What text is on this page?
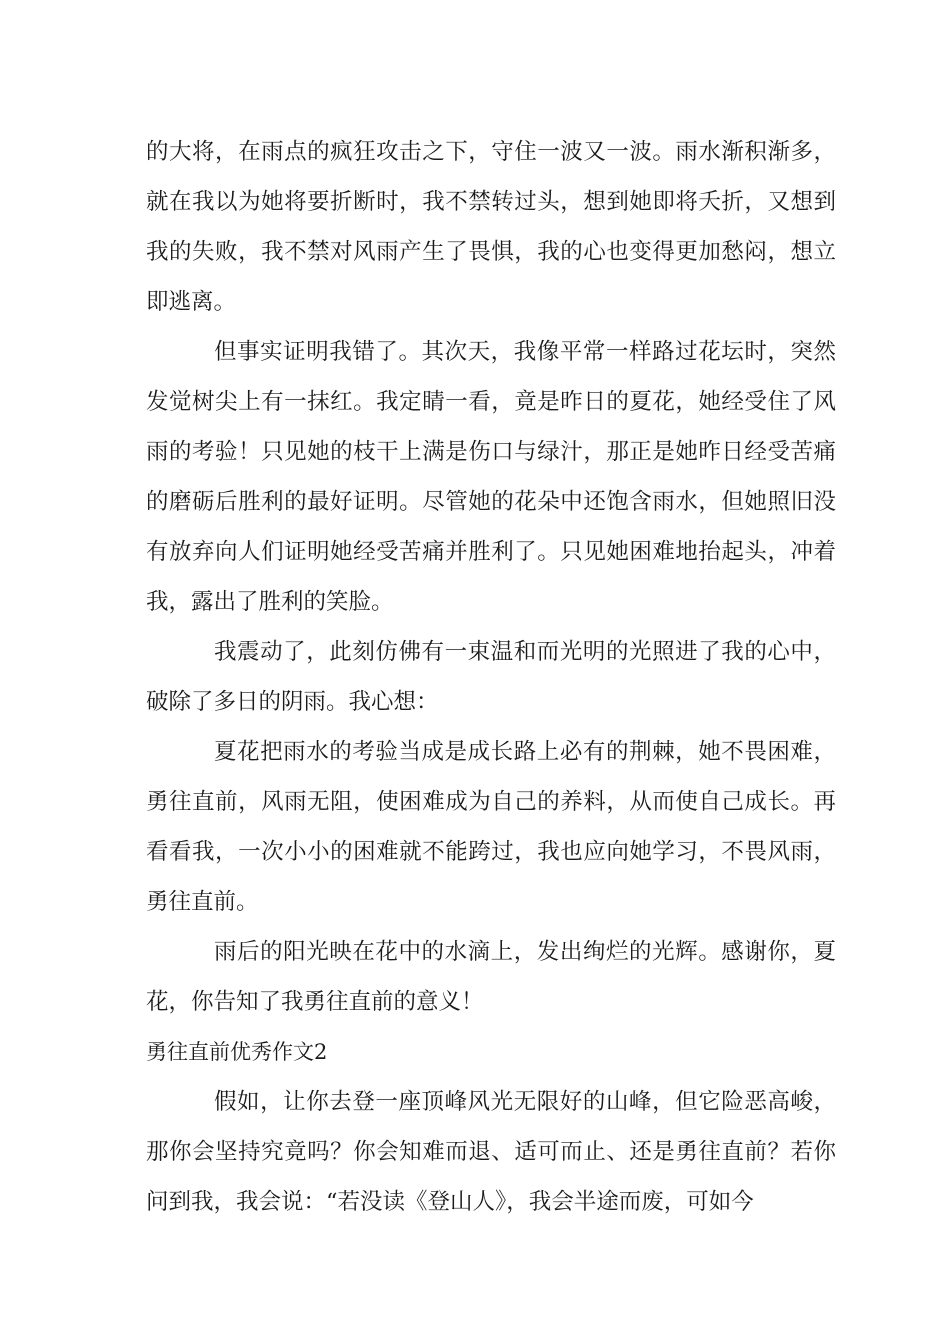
的大将，在雨点的疯狂攻击之下，守住一波又一波。雨水渐积渐多，就在我以为她将要折断时，我不禁转过头，想到她即将夭折，又想到我的失败，我不禁对风雨产生了畏惧，我的心也变得更加愁闷，想立即逃离。

但事实证明我错了。其次天，我像平常一样路过花坛时，突然发觉树尖上有一抹红。我定睛一看，竟是昨日的夏花，她经受住了风雨的考验！只见她的枝干上满是伤口与绿汁，那正是她昨日经受苦痛的磨砺后胜利的最好证明。尽管她的花朵中还饱含雨水，但她照旧没有放弃向人们证明她经受苦痛并胜利了。只见她困难地抬起头，冲着我，露出了胜利的笑脸。

我震动了，此刻仿佛有一束温和而光明的光照进了我的心中，破除了多日的阴雨。我心想：

夏花把雨水的考验当成是成长路上必有的荆棘，她不畏困难，勇往直前，风雨无阻，使困难成为自己的养料，从而使自己成长。再看看我，一次小小的困难就不能跨过，我也应向她学习，不畏风雨，勇往直前。

雨后的阳光映在花中的水滴上，发出绚烂的光辉。感谢你，夏花，你告知了我勇往直前的意义！

勇往直前优秀作文2

假如，让你去登一座顶峰风光无限好的山峰，但它险恶高峻，那你会坚持究竟吗？你会知难而退、适可而止、还是勇往直前？若你问到我，我会说：“若没读《登山人》，我会半途而废，可如今
